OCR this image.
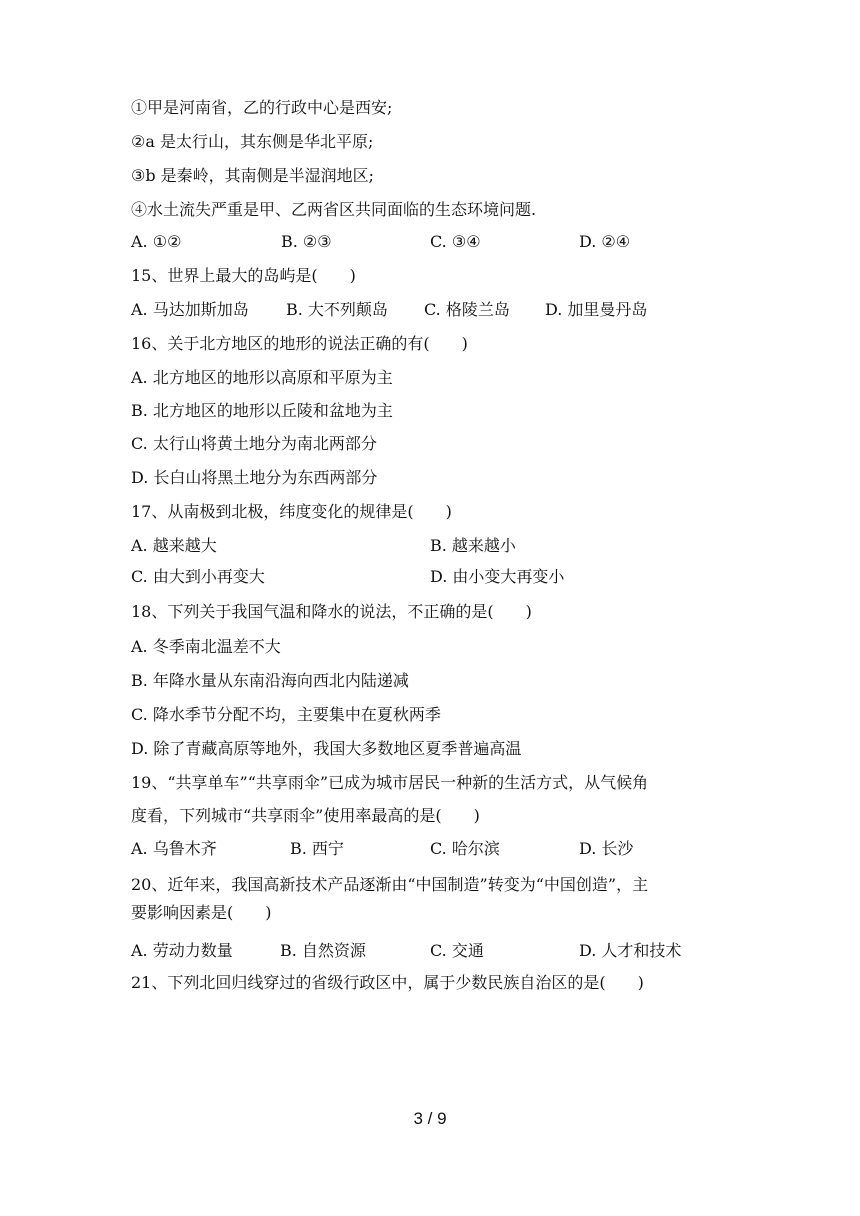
①甲是河南省，乙的行政中心是西安;
②a 是太行山，其东侧是华北平原;
③b 是秦岭，其南侧是半湿润地区;
④水土流失严重是甲、乙两省区共同面临的生态环境问题.
A. ①②	B. ②③	C. ③④	D. ②④
15、世界上最大的岛屿是(　　)
A. 马达加斯加岛 B. 大不列颠岛 C. 格陵兰岛 D. 加里曼丹岛
16、关于北方地区的地形的说法正确的有(　　)
A. 北方地区的地形以高原和平原为主
B. 北方地区的地形以丘陵和盆地为主
C. 太行山将黄土地分为南北两部分
D. 长白山将黑土地分为东西两部分
17、从南极到北极，纬度变化的规律是(　　)
A. 越来越大	B. 越来越小
C. 由大到小再变大	D. 由小变大再变小
18、下列关于我国气温和降水的说法，不正确的是(　　)
A. 冬季南北温差不大
B. 年降水量从东南沿海向西北内陆递减
C. 降水季节分配不均，主要集中在夏秋两季
D. 除了青藏高原等地外，我国大多数地区夏季普遍高温
19、“共享单车”“共享雨伞”已成为城市居民一种新的生活方式，从气候角
度看，下列城市“共享雨伞”使用率最高的是(　　)
A. 乌鲁木齐	B. 西宁	C. 哈尔滨	D. 长沙
20、近年来，我国高新技术产品逐渐由“中国制造”转变为“中国创造”，主
要影响因素是(　　)
A. 劳动力数量	B. 自然资源	C. 交通	D. 人才和技术
21、下列北回归线穿过的省级行政区中，属于少数民族自治区的是(　　)
3 / 9
